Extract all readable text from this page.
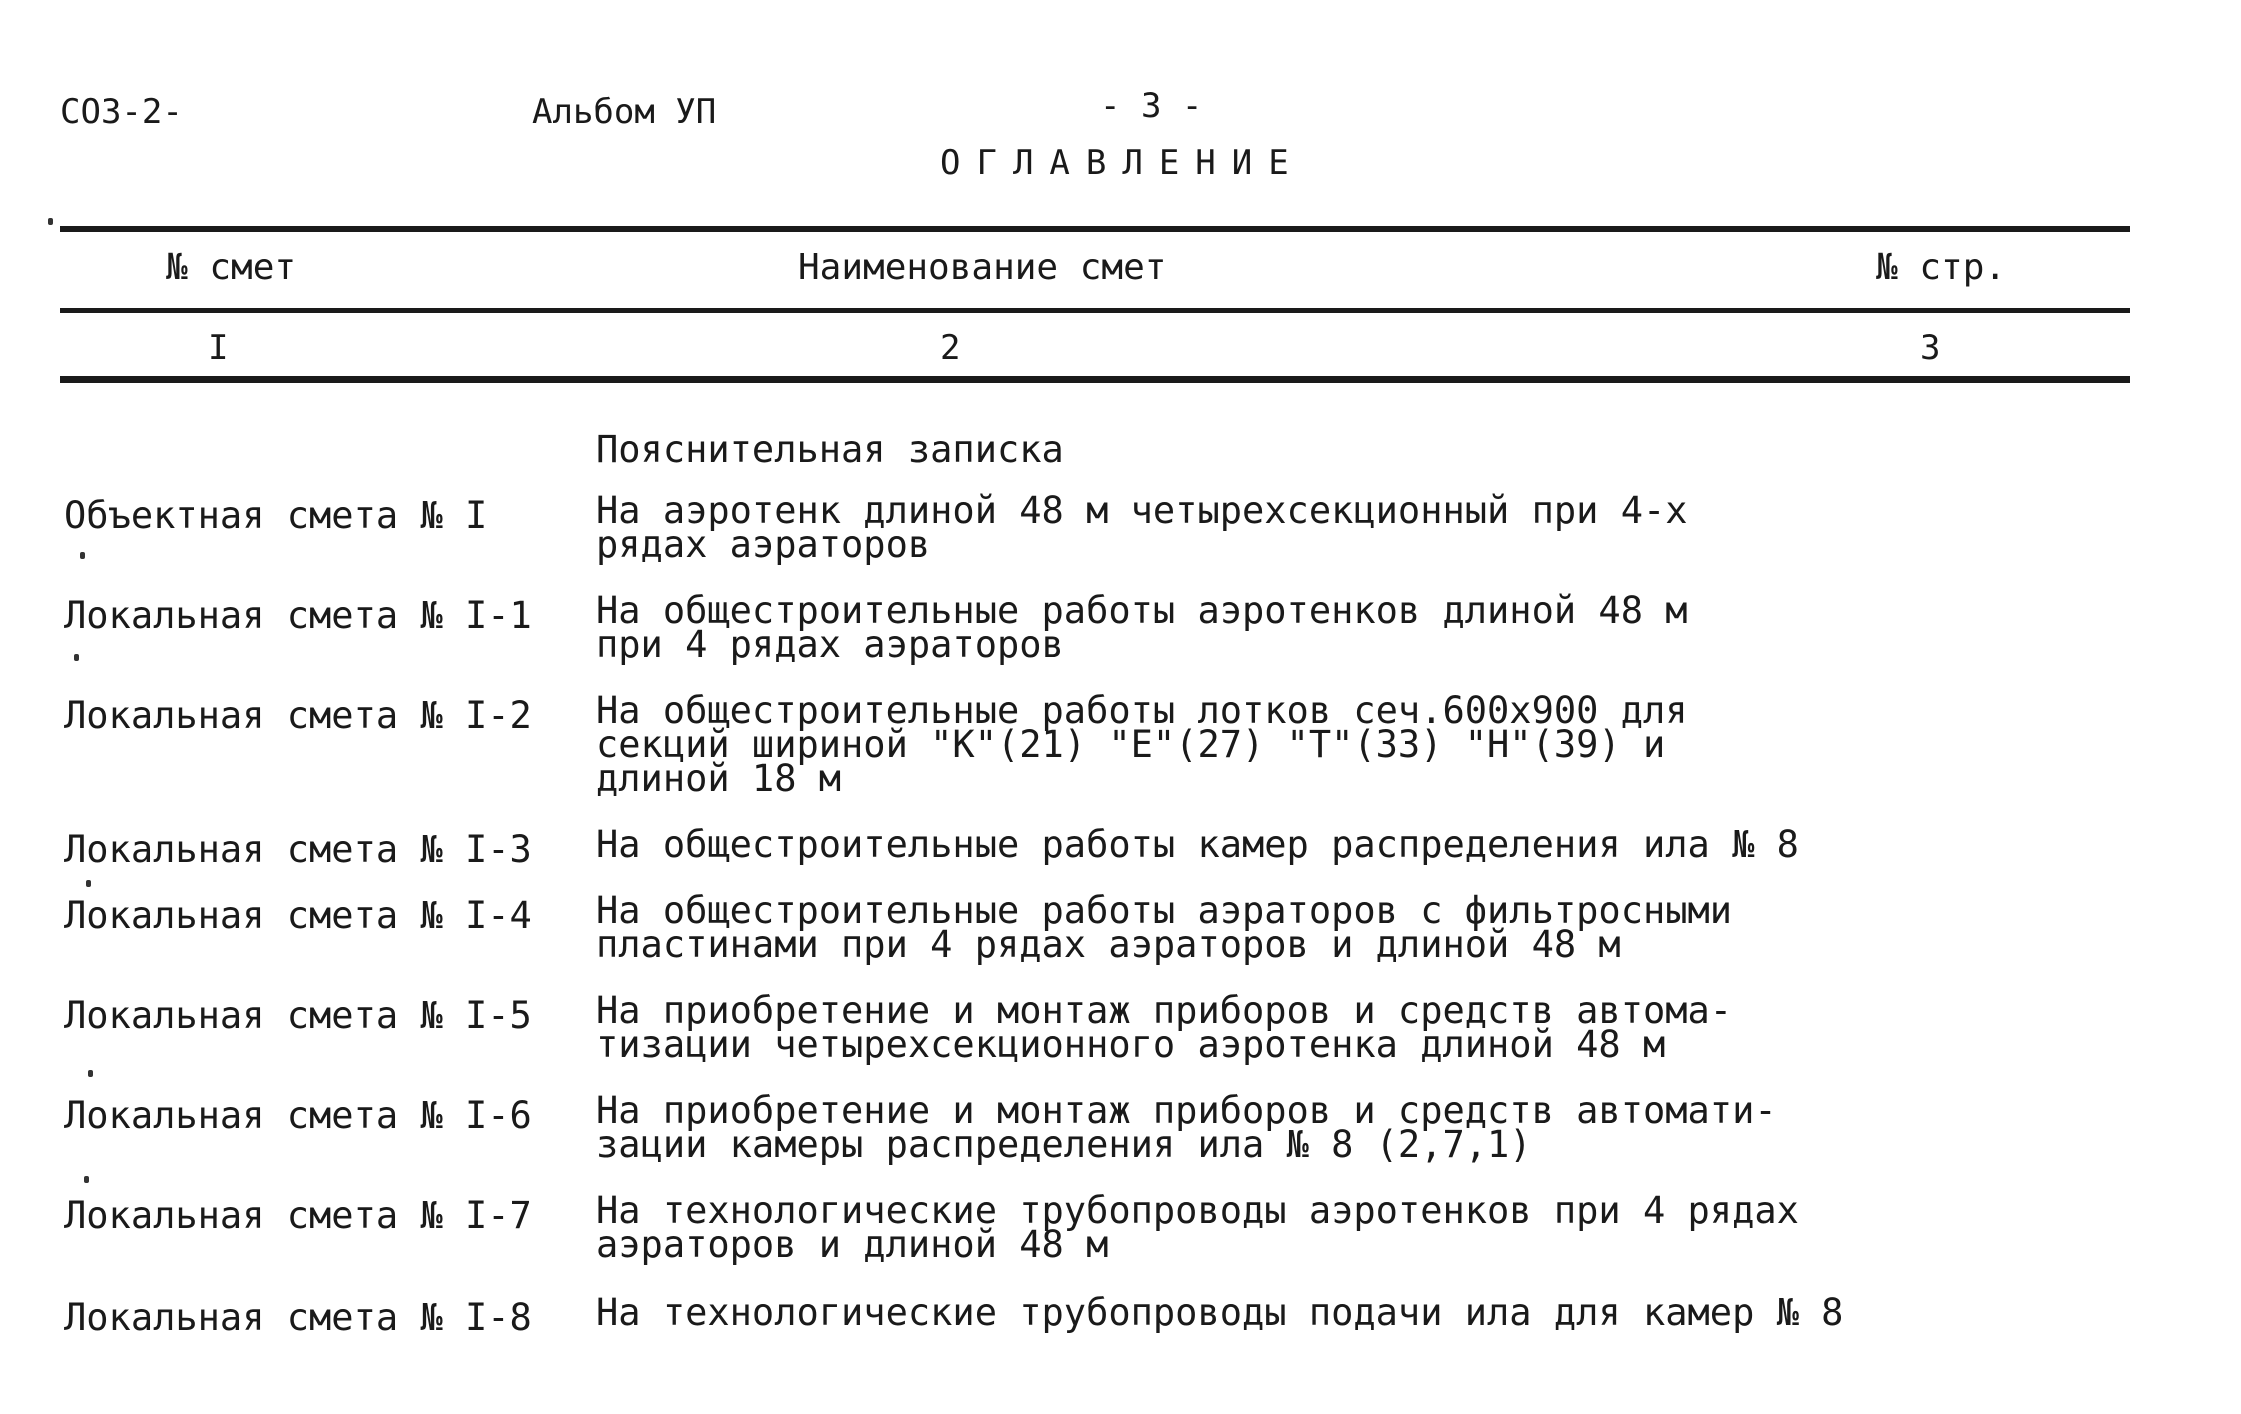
СОЗ-2-	Альбом УП	- 3 -
ОГЛАВЛЕНИЕ
№ смет	Наименование смет	№ стр.
I	2	3
Пояснительная записка
Объектная смета № I	На аэротенк длиной 48 м четырехсекционный при 4-х
рядах аэраторов
Локальная смета № I-1 На общестроительные работы аэротенков длиной 48 м
при 4 рядах аэраторов
Локальная смета № I-2 На общестроительные работы лотков сеч.600х900 для
секций шириной "К"(21) "Е"(27) "Т"(33) "Н"(39) и
длиной 18 м
Локальная смета № I-3 На общестроительные работы камер распределения ила № 8
Локальная смета № I-4 На общестроительные работы аэраторов с фильтросными
пластинами при 4 рядах аэраторов и длиной 48 м
Локальная смета № I-5 На приобретение и монтаж приборов и средств автома-
тизации четырехсекционного аэротенка длиной 48 м
Локальная смета № I-6 На приобретение и монтаж приборов и средств автомати-
зации камеры распределения ила № 8 (2,7,1)
Локальная смета № I-7 На технологические трубопроводы аэротенков при 4 рядах
аэраторов и длиной 48 м
Локальная смета № I-8 На технологические трубопроводы подачи ила для камер № 8
